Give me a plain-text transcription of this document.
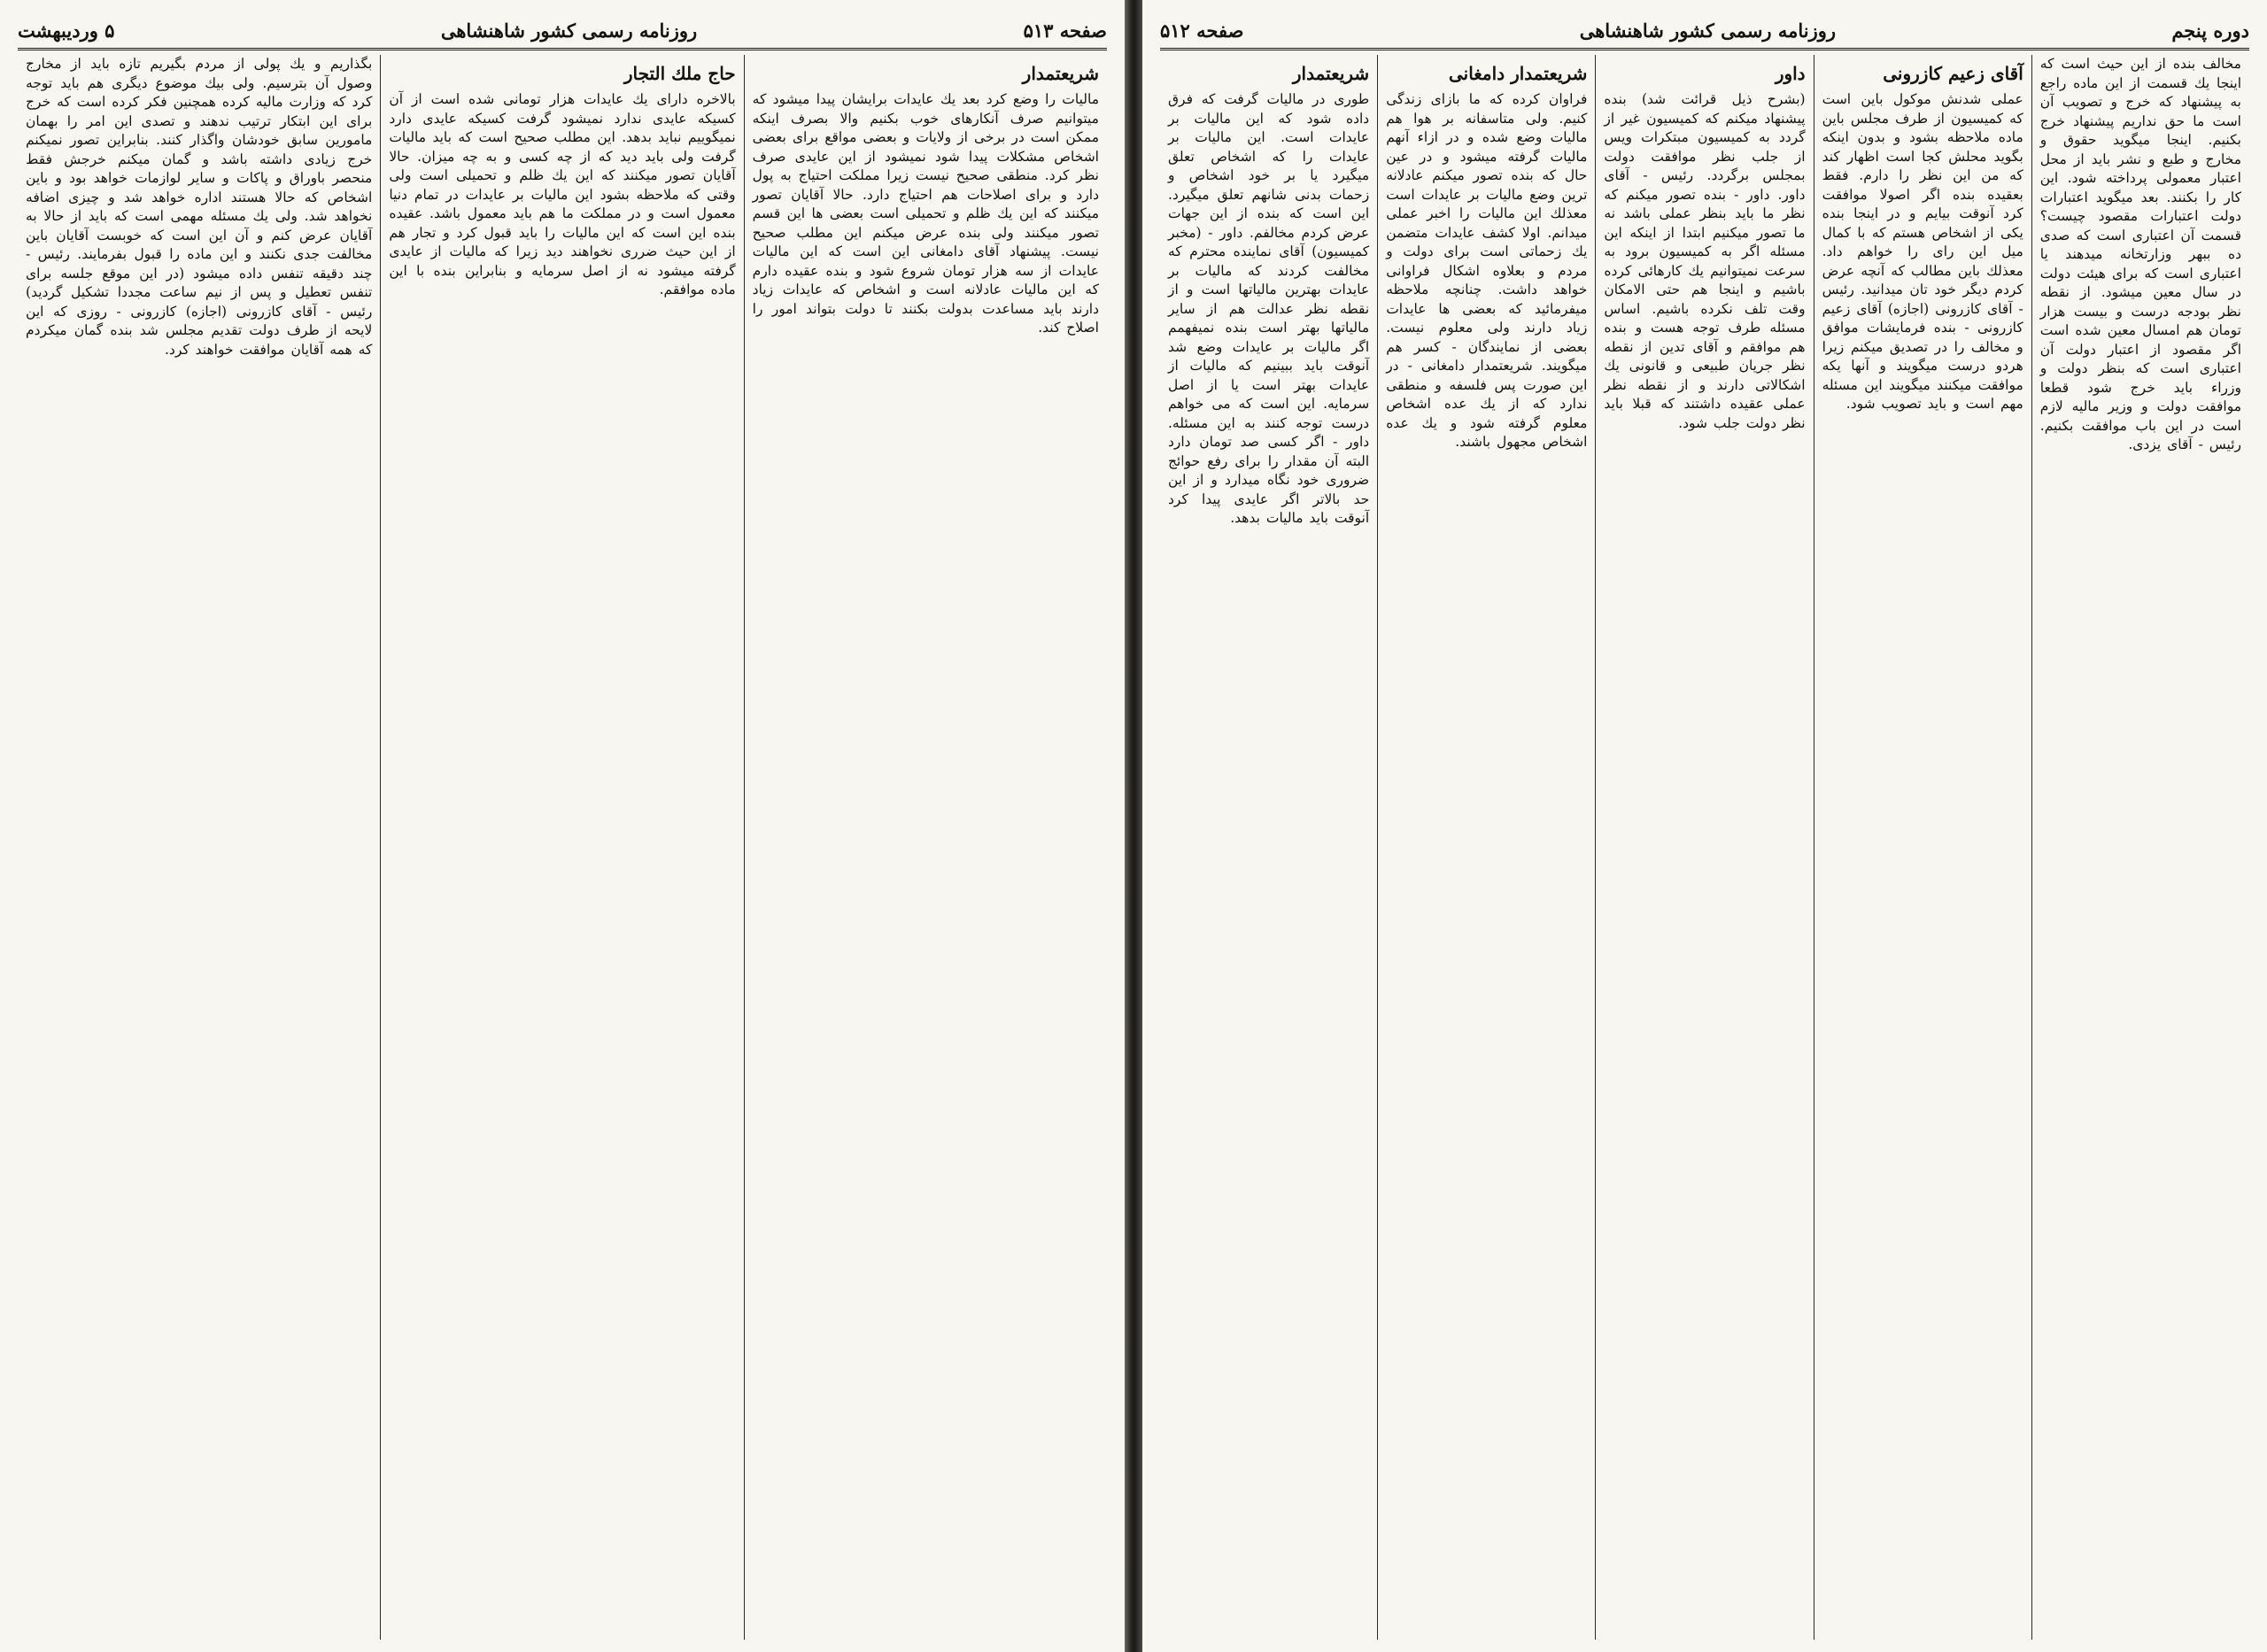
صفحه ۵۱۳
روزنامه رسمی کشور شاهنشاهی
۵ ورديبهشت
شریعتمدار

ماليات را وضع كرد بعد يك عايدات برايشان پيدا ميشود كه ميتوانيم صرف آنكارهاى خوب بكنيم والا بصرف اينكه ممكن است در برخى از ولايات و بعضى مواقع براى بعضى اشخاص مشكلات پيدا شود نميشود از اين عايدى صرف نظر كرد. منطقى صحيح نيست زيرا مملكت احتياج به پول دارد و براى اصلاحات هم احتياج دارد. حالا آقايان تصور ميكنند كه اين يك ظلم و تحميلى است بعضى ها اين قسم تصور ميكنند ولى بنده عرض ميكنم اين مطلب صحيح نيست. پيشنهاد آقاى دامغانى اين است كه اين ماليات عايدات از سه هزار تومان شروع شود و بنده عقيده دارم كه اين ماليات عادلانه است و اشخاص كه عايدات زياد دارند بايد مساعدت بدولت بكنند تا دولت بتواند امور را اصلاح كند.

حاج ملك التجار

بالاخره داراى يك عايدات هزار تومانى شده است از آن كسيكه عايدى ندارد نميشود گرفت كسيكه عايدى دارد نميگوييم نبايد بدهد. اين مطلب صحيح است كه بايد ماليات گرفت ولى بايد ديد كه از چه كسى و به چه ميزان. حالا آقايان تصور ميكنند كه اين يك ظلم و تحميلى است ولى وقتى كه ملاحظه بشود اين ماليات بر عايدات در تمام دنيا معمول است و در مملكت ما هم بايد معمول باشد. عقيده بنده اين است كه اين ماليات را بايد قبول كرد و تجار هم از اين حيث ضررى نخواهند ديد زيرا كه ماليات از عايدى گرفته ميشود نه از اصل سرمايه و بنابراين بنده با اين ماده موافقم.

بگذاريم و يك پولى از مردم بگيريم تازه بايد از مخارج وصول آن بترسيم. ولى بيك موضوع ديگرى هم بايد توجه كرد كه وزارت ماليه كرده همچنين فكر كرده است كه خرج براى اين ابتكار ترتيب ندهند و تصدى اين امر را بهمان مامورين سابق خودشان واگذار كنند. بنابراين تصور نميكنم خرج زيادى داشته باشد و گمان ميكنم خرجش فقط منحصر باوراق و پاكات و ساير لوازمات خواهد بود و باين اشخاص كه حالا هستند اداره خواهد شد و چيزى اضافه نخواهد شد. ولى يك مسئله مهمى است كه بايد از حالا به آقايان عرض كنم و آن اين است كه خوبست آقايان باين مخالفت جدى نكنند و اين ماده را قبول بفرمايند. رئيس - چند دقيقه تنفس داده ميشود (در اين موقع جلسه براى تنفس تعطيل و پس از نيم ساعت مجددا تشكيل گرديد) رئيس - آقاى كازرونى (اجازه) كازرونى - روزى كه اين لايحه از طرف دولت تقديم مجلس شد بنده گمان ميكردم كه همه آقايان موافقت خواهند كرد.

دوره پنجم
روزنامه رسمی کشور شاهنشاهی
صفحه ۵۱۲

مخالف بنده از اين حيث است كه اينجا يك قسمت از اين ماده راجع به پيشنهاد كه خرج و تصويب آن است ما حق نداريم پيشنهاد خرج بكنيم. اينجا ميگويد حقوق و مخارج و طبع و نشر بايد از محل اعتبار معمولى پرداخته شود. اين كار را بكنند. بعد ميگويد اعتبارات دولت اعتبارات مقصود چيست؟ قسمت آن اعتبارى است كه صدى ده ببهر وزارتخانه ميدهند يا اعتبارى است كه براى هيئت دولت در سال معين ميشود. از نقطه نظر بودجه درست و بيست هزار تومان هم امسال معين شده است اگر مقصود از اعتبار دولت آن اعتبارى است كه بنظر دولت و وزراء بايد خرج شود قطعا موافقت دولت و وزير ماليه لازم است در اين باب موافقت بكنيم. رئيس - آقاى يزدى.

آقاى زعيم كازرونى

عملى شدنش موكول باين است كه كميسيون از طرف مجلس باين ماده ملاحظه بشود و بدون اينكه بگويد محلش كجا است اظهار كند كه من اين نظر را دارم. فقط بعقيده بنده اگر اصولا موافقت كرد آنوقت بيايم و در اينجا بنده يكى از اشخاص هستم كه با كمال ميل اين راى را خواهم داد. معذلك باين مطالب كه آنچه عرض كردم ديگر خود تان ميدانيد. رئيس - آقاى كازرونى (اجازه) آقاى زعيم كازرونى - بنده فرمايشات موافق و مخالف را در تصديق ميكنم زيرا هردو درست ميگويند و آنها يكه موافقت ميكنند ميگويند اين مسئله مهم است و بايد تصويب شود.

داور

(بشرح ذيل قرائت شد) بنده پيشنهاد ميكنم كه كميسيون غير از گردد به كميسيون مبتكرات ويس از جلب نظر موافقت دولت بمجلس برگردد. رئيس - آقاى داور. داور - بنده تصور ميكنم كه نظر ما بايد بنظر عملى باشد نه ما تصور ميكنيم ابتدا از اينكه اين مسئله اگر به كميسيون برود به سرعت نميتوانيم يك كارهائى كرده باشيم و اينجا هم حتى الامكان وقت تلف نكرده باشيم. اساس مسئله طرف توجه هست و بنده هم موافقم و آقاى تدين از نقطه نظر جريان طبيعى و قانونى يك اشكالاتى دارند و از نقطه نظر عملى عقيده داشتند كه قبلا بايد نظر دولت جلب شود.

شريعتمدار دامغانى

فراوان كرده كه ما بازاى زندگى كنيم. ولى متاسفانه بر هوا هم ماليات وضع شده و در ازاء آنهم ماليات گرفته ميشود و در عين حال كه بنده تصور ميكنم عادلانه ترين وضع ماليات بر عايدات است معذلك اين ماليات را اخبر عملى ميدانم. اولا كشف عايدات متضمن يك زحماتى است براى دولت و مردم و بعلاوه اشكال فراوانى خواهد داشت. چنانچه ملاحظه ميفرمائيد كه بعضى ها عايدات زياد دارند ولى معلوم نيست. بعضى از نمايندگان - كسر هم ميگويند. شريعتمدار دامغانى - در اين صورت پس فلسفه و منطقى ندارد كه از يك عده اشخاص معلوم گرفته شود و يك عده اشخاص مجهول باشند.

شريعتمدار

طورى در ماليات گرفت كه فرق داده شود كه اين ماليات بر عايدات است. اين ماليات بر عايدات را كه اشخاص تعلق ميگيرد يا بر خود اشخاص و زحمات بدنى شانهم تعلق ميگيرد. اين است كه بنده از اين جهات عرض كردم مخالفم. داور - (مخبر كميسيون) آقاى نماينده محترم كه مخالفت كردند كه ماليات بر عايدات بهترين مالياتها است و از نقطه نظر عدالت هم از ساير مالياتها بهتر است بنده نميفهمم اگر ماليات بر عايدات وضع شد آنوقت بايد ببينيم كه ماليات از عايدات بهتر است يا از اصل سرمايه. اين است كه مى خواهم درست توجه كنند به اين مسئله. داور - اگر كسى صد تومان دارد البته آن مقدار را براى رفع حوائج ضرورى خود نگاه ميدارد و از اين حد بالاتر اگر عايدى پيدا كرد آنوقت بايد ماليات بدهد.
